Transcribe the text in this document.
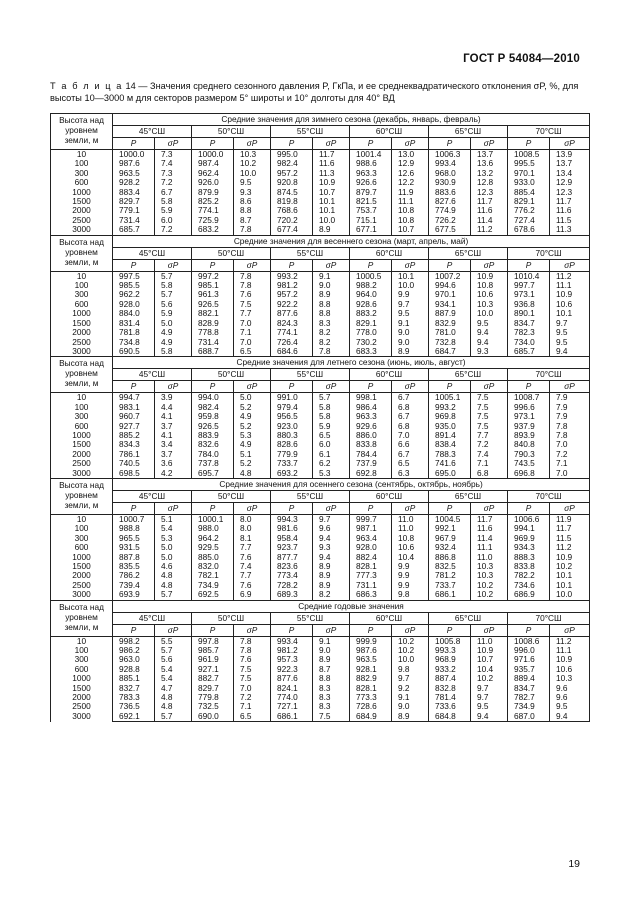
ГОСТ Р 54084—2010
Т а б л и ц а 14 — Значения среднего сезонного давления P, ГкПа, и ее среднеквадратического отклонения σP, %, для высоты 10—3000 м для секторов размером 5° широты и 10° долготы для 40° ВД
Высота над уровнем земли, м	Средние значения для зимнего сезона (декабрь, январь, февраль)											
	45°СШ		50°СШ		55°СШ		60°СШ		65°СШ		70°СШ	
	P	σP	P	σP	P	σP	P	σP	P	σP	P	σP
10	1000.0	7.3	1000.0	10.3	995.0	11.7	1001.4	13.0	1006.3	13.7	1008.5	13.9
100	987.6	7.4	987.4	10.2	982.4	11.6	988.6	12.9	993.4	13.6	995.5	13.7
300	963.5	7.3	962.4	10.0	957.2	11.3	963.3	12.6	968.0	13.2	970.1	13.4
600	928.2	7.2	926.0	9.5	920.8	10.9	926.6	12.2	930.9	12.8	933.0	12.9
1000	883.4	6.7	879.9	9.3	874.5	10.7	879.7	11.9	883.6	12.3	885.4	12.3
1500	829.7	5.8	825.2	8.6	819.8	10.1	821.5	11.1	827.6	11.7	829.1	11.7
2000	779.1	5.9	774.1	8.8	768.6	10.1	753.7	10.8	774.9	11.6	776.2	11.6
2500	731.4	6.0	725.9	8.7	720.2	10.0	715.1	10.8	726.2	11.4	727.4	11.5
3000	685.7	7.2	683.2	7.8	677.4	8.9	677.1	10.7	677.5	11.2	678.6	11.3
Высота над уровнем земли, м	Средние значения для весеннего сезона (март, апрель, май)											
	45°СШ		50°СШ		55°СШ		60°СШ		65°СШ		70°СШ	
	P	σP	P	σP	P	σP	P	σP	P	σP	P	σP
10	997.5	5.7	997.2	7.8	993.2	9.1	1000.5	10.1	1007.2	10.9	1010.4	11.2
100	985.5	5.8	985.1	7.8	981.2	9.0	988.2	10.0	994.6	10.8	997.7	11.1
300	962.2	5.7	961.3	7.6	957.2	8.9	964.0	9.9	970.1	10.6	973.1	10.9
600	928.0	5.6	926.5	7.5	922.2	8.8	928.6	9.7	934.1	10.3	936.8	10.6
1000	884.0	5.9	882.1	7.7	877.6	8.8	883.2	9.5	887.9	10.0	890.1	10.1
1500	831.4	5.0	828.9	7.0	824.3	8.3	829.1	9.1	832.9	9.5	834.7	9.7
2000	781.8	4.9	778.8	7.1	774.1	8.2	778.0	9.0	781.0	9.4	782.3	9.5
2500	734.8	4.9	731.4	7.0	726.4	8.2	730.2	9.0	732.8	9.4	734.0	9.5
3000	690.5	5.8	688.7	6.5	684.6	7.8	683.3	8.9	684.7	9.3	685.7	9.4
Высота над уровнем земли, м	Средние значения для летнего сезона (июнь, июль, август)											
	45°СШ		50°СШ		55°СШ		60°СШ		65°СШ		70°СШ	
	P	σP	P	σP	P	σP	P	σP	P	σP	P	σP
10	994.7	3.9	994.0	5.0	991.0	5.7	998.1	6.7	1005.1	7.5	1008.7	7.9
100	983.1	4.4	982.4	5.2	979.4	5.8	986.4	6.8	993.2	7.5	996.6	7.9
300	960.7	4.1	959.8	4.9	956.5	5.8	963.3	6.7	969.8	7.5	973.1	7.9
600	927.7	3.7	926.5	5.2	923.0	5.9	929.6	6.8	935.0	7.5	937.9	7.8
1000	885.2	4.1	883.9	5.3	880.3	6.5	886.0	7.0	891.4	7.7	893.9	7.8
1500	834.3	3.4	832.6	4.9	828.6	6.0	833.8	6.6	838.4	7.2	840.8	7.0
2000	786.1	3.7	784.0	5.1	779.9	6.1	784.4	6.7	788.3	7.4	790.3	7.2
2500	740.5	3.6	737.8	5.2	733.7	6.2	737.9	6.5	741.6	7.1	743.5	7.1
3000	698.5	4.2	695.7	4.8	693.2	5.3	692.8	6.3	695.0	6.8	696.8	7.0
Высота над уровнем земли, м	Средние значения для осеннего сезона (сентябрь, октябрь, ноябрь)											
	45°СШ		50°СШ		55°СШ		60°СШ		65°СШ		70°СШ	
	P	σP	P	σP	P	σP	P	σP	P	σP	P	σP
10	1000.7	5.1	1000.1	8.0	994.3	9.7	999.7	11.0	1004.5	11.7	1006.6	11.9
100	988.8	5.4	988.0	8.0	981.6	9.6	987.1	11.0	992.1	11.6	994.1	11.7
300	965.5	5.3	964.2	8.1	958.4	9.4	963.4	10.8	967.9	11.4	969.9	11.5
600	931.5	5.0	929.5	7.7	923.7	9.3	928.0	10.6	932.4	11.1	934.3	11.2
1000	887.8	5.0	885.0	7.6	877.7	9.4	882.4	10.4	886.8	11.0	888.3	10.9
1500	835.5	4.6	832.0	7.4	823.6	8.9	828.1	9.9	832.5	10.3	833.8	10.2
2000	786.2	4.8	782.1	7.7	773.4	8.9	777.3	9.9	781.2	10.3	782.2	10.1
2500	739.4	4.8	734.9	7.6	728.2	8.9	731.1	9.9	733.7	10.2	734.6	10.1
3000	693.9	5.7	692.5	6.9	689.3	8.2	686.3	9.8	686.1	10.2	686.9	10.0
Высота над уровнем земли, м	Средние годовые значения											
	45°СШ		50°СШ		55°СШ		60°СШ		65°СШ		70°СШ	
	P	σP	P	σP	P	σP	P	σP	P	σP	P	σP
10	998.2	5.5	997.8	7.8	993.4	9.1	999.9	10.2	1005.8	11.0	1008.6	11.2
100	986.2	5.7	985.7	7.8	981.2	9.0	987.6	10.2	993.3	10.9	996.0	11.1
300	963.0	5.6	961.9	7.6	957.3	8.9	963.5	10.0	968.9	10.7	971.6	10.9
600	928.8	5.4	927.1	7.5	922.3	8.7	928.1	9.8	933.2	10.4	935.7	10.6
1000	885.1	5.4	882.7	7.5	877.6	8.8	882.9	9.7	887.4	10.2	889.4	10.3
1500	832.7	4.7	829.7	7.0	824.1	8.3	828.1	9.2	832.8	9.7	834.7	9.6
2000	783.3	4.8	779.8	7.2	774.0	8.3	773.3	9.1	781.4	9.7	782.7	9.6
2500	736.5	4.8	732.5	7.1	727.1	8.3	728.6	9.0	733.6	9.5	734.9	9.5
3000	692.1	5.7	690.0	6.5	686.1	7.5	684.9	8.9	684.8	9.4	687.0	9.4
19
